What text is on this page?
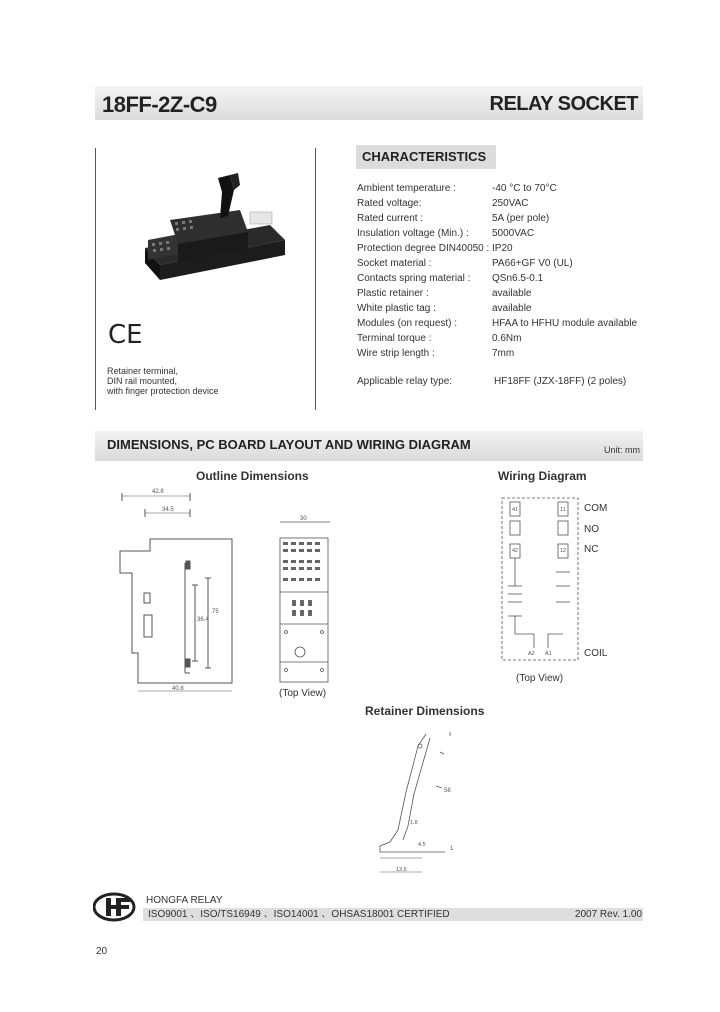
18FF-2Z-C9	RELAY SOCKET
CE
Retainer terminal,
DIN rail mounted,
with finger protection device
CHARACTERISTICS
Ambient temperature :	-40 °C to 70°C
Rated voltage:	250VAC
Rated current :	5A (per pole)
Insulation voltage (Min.) :	5000VAC
Protection degree DIN40050 : IP20
Socket material :	PA66+GF V0 (UL)
Contacts spring material :	QSn6.5-0.1
Plastic retainer :	available
White plastic tag :	available
Modules (on request) :	HFAA to HFHU module available
Terminal torque :	0.6Nm
Wire strip length :	7mm
Applicable relay type:	HF18FF (JZX-18FF) (2 poles)
DIMENSIONS, PC BOARD LAYOUT AND WIRING DIAGRAM	Unit: mm
Outline Dimensions	Wiring Diagram
42.8
34.5
36.4
75
40.8
30
(Top View)
41	11
42	12
A2 A1
COM
NO
NC
COIL
(Top View)
Retainer Dimensions
58
4.5
1.8
13.6
1
HONGFA RELAY
ISO9001 、ISO/TS16949 、ISO14001 、OHSAS18001 CERTIFIED	2007 Rev. 1.00
20
